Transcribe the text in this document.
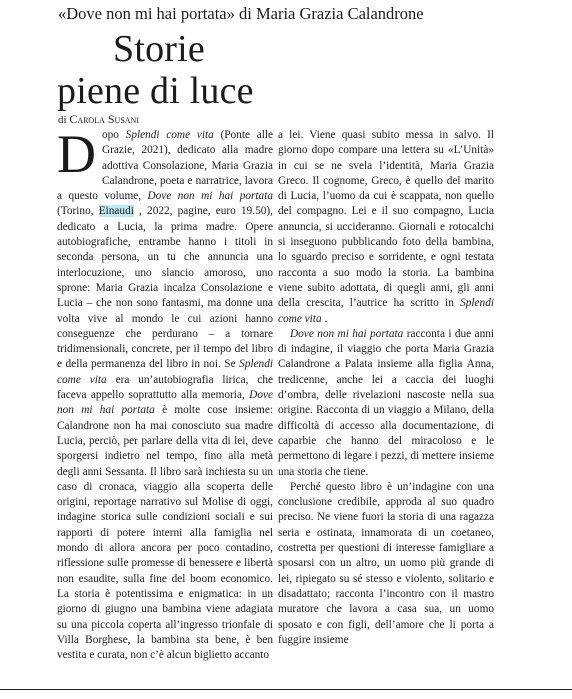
«Dove non mi hai portata» di Maria Grazia Calandrone
Storie
piene di luce
di Carola Susani

D opo Splendi come vita (Ponte alle Grazie, 2021), dedicato alla madre adottiva Consolazione, Maria Grazia Calandrone, poeta e narratrice, lavora a questo volume, Dove non mi hai portata (Torino, Einaudi , 2022, pagine, euro 19.50), dedicato a Lucia, la prima madre. Opere autobiografiche, entrambe hanno i titoli in seconda persona, un tu che annuncia una interlocuzione, uno slancio amoroso, uno sprone: Maria Grazia incalza Consolazione e Lucia – che non sono fantasmi, ma donne una volta vive al mondo le cui azioni hanno conseguenze che perdurano – a tornare tridimensionali, concrete, per il tempo del libro e della permanenza del libro in noi. Se Splendi come vita era un’autobiografia lirica, che faceva appello soprattutto alla memoria, Dove non mi hai portata è molte cose insieme: Calandrone non ha mai conosciuto sua madre Lucia, perciò, per parlare della vita di lei, deve sporgersi indietro nel tempo, fino alla metà degli anni Sessanta. Il libro sarà inchiesta su un caso di cronaca, viaggio alla scoperta delle origini, reportage narrativo sul Molise di oggi, indagine storica sulle condizioni sociali e sui rapporti di potere interni alla famiglia nel mondo di allora ancora per poco contadino, riflessione sulle promesse di benessere e libertà non esaudite, sulla fine del boom economico. La storia è potentissima e enigmatica: in un giorno di giugno una bambina viene adagiata su una piccola coperta all’ingresso trionfale di Villa Borghese, la bambina sta bene, è ben vestita e curata, non c’è alcun biglietto accanto

a lei. Viene quasi subito messa in salvo. Il giorno dopo compare una lettera su «L’Unità» in cui se ne svela l’identità, Maria Grazia Greco. Il cognome, Greco, è quello del marito di Lucia, l’uomo da cui è scappata, non quello del compagno. Lei e il suo compagno, Lucia annuncia, si uccideranno. Giornali e rotocalchi si inseguono pubblicando foto della bambina, lo sguardo preciso e sorridente, e ogni testata racconta a suo modo la storia. La bambina viene subito adottata, di quegli anni, gli anni della crescita, l’autrice ha scritto in Splendi come vita .

Dove non mi hai portata racconta i due anni di indagine, il viaggio che porta Maria Grazia Calandrone a Palata insieme alla figlia Anna, tredicenne, anche lei a caccia dei luoghi d’ombra, delle rivelazioni nascoste nella sua origine. Racconta di un viaggio a Milano, della difficoltà di accesso alla documentazione, di caparbie che hanno del miracoloso e le permettono di legare i pezzi, di mettere insieme una storia che tiene.

Perché questo libro è un’indagine con una conclusione credibile, approda al suo quadro preciso. Ne viene fuori la storia di una ragazza seria e ostinata, innamorata di un coetaneo, costretta per questioni di interesse famigliare a sposarsi con un altro, un uomo più grande di lei, ripiegato su sé stesso e violento, solitario e disadattato; racconta l’incontro con il mastro muratore che lavora a casa sua, un uomo sposato e con figli, dell’amore che li porta a fuggire insieme
